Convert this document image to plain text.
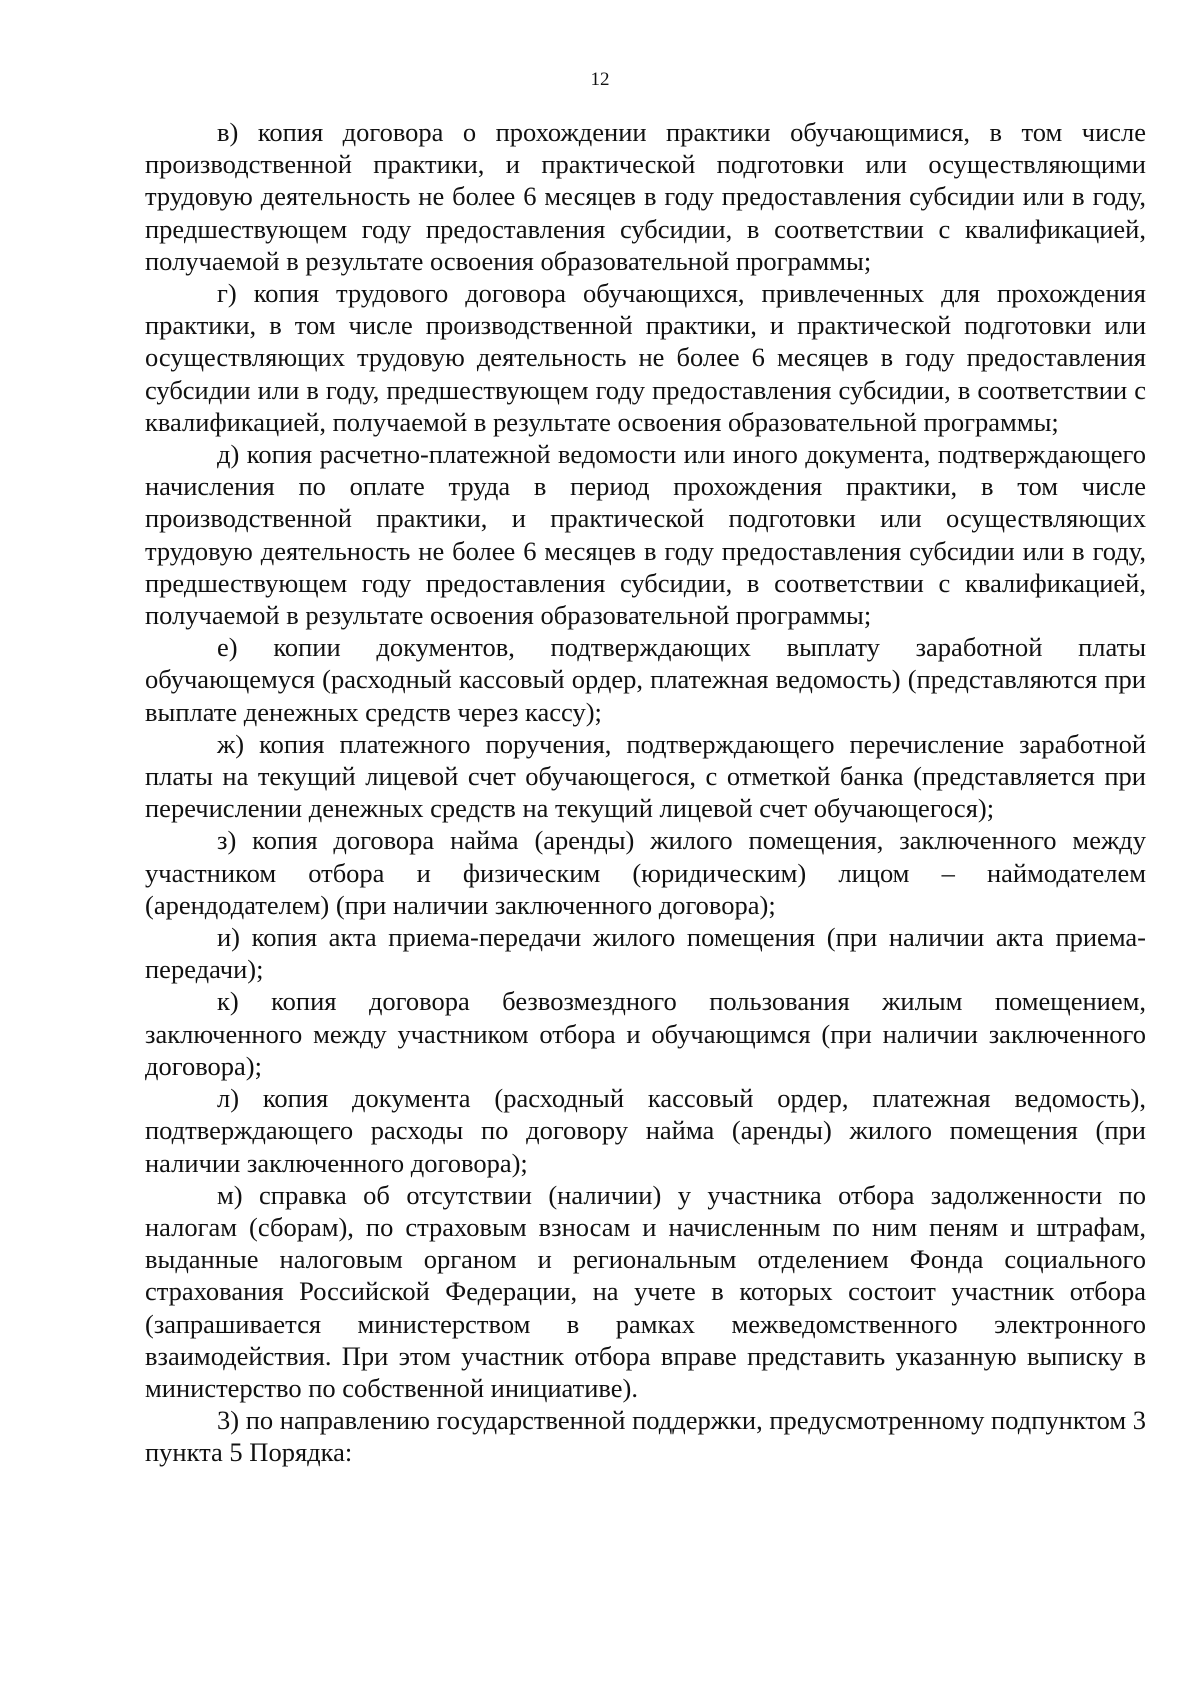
12

в) копия договора о прохождении практики обучающимися, в том числе производственной практики, и практической подготовки или осуществляющими трудовую деятельность не более 6 месяцев в году предоставления субсидии или в году, предшествующем году предоставления субсидии, в соответствии с квалификацией, получаемой в результате освоения образовательной программы;

г) копия трудового договора обучающихся, привлеченных для прохождения практики, в том числе производственной практики, и практической подготовки или осуществляющих трудовую деятельность не более 6 месяцев в году предоставления субсидии или в году, предшествующем году предоставления субсидии, в соответствии с квалификацией, получаемой в результате освоения образовательной программы;

д) копия расчетно-платежной ведомости или иного документа, подтверждающего начисления по оплате труда в период прохождения практики, в том числе производственной практики, и практической подготовки или осуществляющих трудовую деятельность не более 6 месяцев в году предоставления субсидии или в году, предшествующем году предоставления субсидии, в соответствии с квалификацией, получаемой в результате освоения образовательной программы;

е) копии документов, подтверждающих выплату заработной платы обучающемуся (расходный кассовый ордер, платежная ведомость) (представляются при выплате денежных средств через кассу);

ж) копия платежного поручения, подтверждающего перечисление заработной платы на текущий лицевой счет обучающегося, с отметкой банка (представляется при перечислении денежных средств на текущий лицевой счет обучающегося);

з) копия договора найма (аренды) жилого помещения, заключенного между участником отбора и физическим (юридическим) лицом – наймодателем (арендодателем) (при наличии заключенного договора);

и) копия акта приема-передачи жилого помещения (при наличии акта приема-передачи);

к) копия договора безвозмездного пользования жилым помещением, заключенного между участником отбора и обучающимся (при наличии заключенного договора);

л) копия документа (расходный кассовый ордер, платежная ведомость), подтверждающего расходы по договору найма (аренды) жилого помещения (при наличии заключенного договора);

м) справка об отсутствии (наличии) у участника отбора задолженности по налогам (сборам), по страховым взносам и начисленным по ним пеням и штрафам, выданные налоговым органом и региональным отделением Фонда социального страхования Российской Федерации, на учете в которых состоит участник отбора (запрашивается министерством в рамках межведомственного электронного взаимодействия. При этом участник отбора вправе представить указанную выписку в министерство по собственной инициативе).

3) по направлению государственной поддержки, предусмотренному подпунктом 3 пункта 5 Порядка:
